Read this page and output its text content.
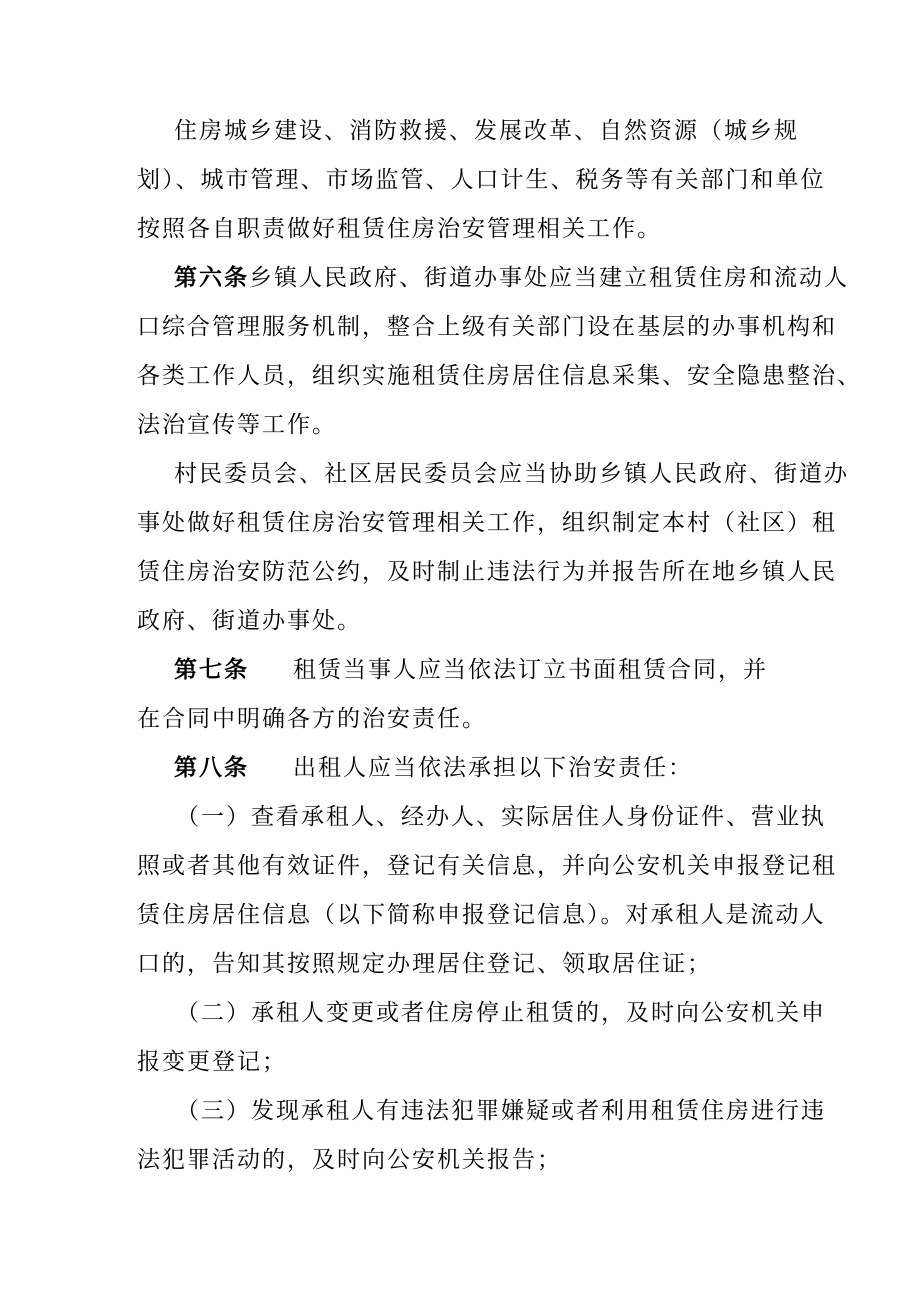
住房城乡建设、消防救援、发展改革、自然资源（城乡规
划）、城市管理、市场监管、人口计生、税务等有关部门和单位
按照各自职责做好租赁住房治安管理相关工作。
第六条乡镇人民政府、街道办事处应当建立租赁住房和流动人
口综合管理服务机制，整合上级有关部门设在基层的办事机构和
各类工作人员，组织实施租赁住房居住信息采集、安全隐患整治、
法治宣传等工作。
村民委员会、社区居民委员会应当协助乡镇人民政府、街道办
事处做好租赁住房治安管理相关工作，组织制定本村（社区）租
赁住房治安防范公约，及时制止违法行为并报告所在地乡镇人民
政府、街道办事处。
第七条 租赁当事人应当依法订立书面租赁合同，并
在合同中明确各方的治安责任。
第八条 出租人应当依法承担以下治安责任：
（一）查看承租人、经办人、实际居住人身份证件、营业执
照或者其他有效证件，登记有关信息，并向公安机关申报登记租
赁住房居住信息（以下简称申报登记信息）。对承租人是流动人
口的，告知其按照规定办理居住登记、领取居住证；
（二）承租人变更或者住房停止租赁的，及时向公安机关申
报变更登记；
（三）发现承租人有违法犯罪嫌疑或者利用租赁住房进行违
法犯罪活动的，及时向公安机关报告；
